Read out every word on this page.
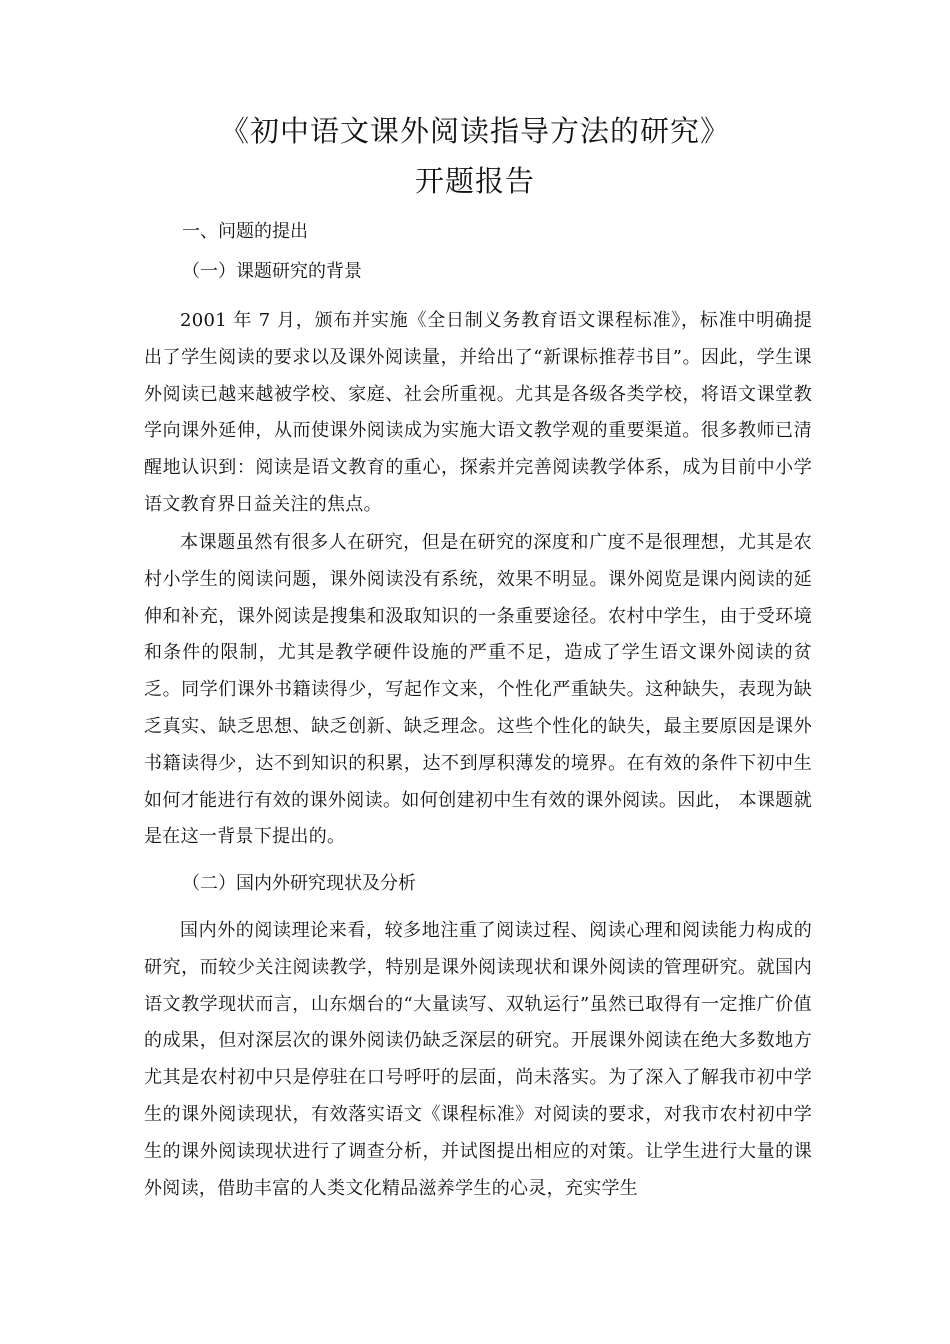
《初中语文课外阅读指导方法的研究》
开题报告
一、问题的提出
（一）课题研究的背景

2001 年 7 月，颁布并实施《全日制义务教育语文课程标准》，标准中明确提出了学生阅读的要求以及课外阅读量，并给出了“新课标推荐书目”。因此，学生课外阅读已越来越被学校、家庭、社会所重视。尤其是各级各类学校，将语文课堂教学向课外延伸，从而使课外阅读成为实施大语文教学观的重要渠道。很多教师已清醒地认识到：阅读是语文教育的重心，探索并完善阅读教学体系，成为目前中小学语文教育界日益关注的焦点。

本课题虽然有很多人在研究，但是在研究的深度和广度不是很理想，尤其是农村小学生的阅读问题，课外阅读没有系统，效果不明显。课外阅览是课内阅读的延伸和补充，课外阅读是搜集和汲取知识的一条重要途径。农村中学生，由于受环境和条件的限制，尤其是教学硬件设施的严重不足，造成了学生语文课外阅读的贫乏。同学们课外书籍读得少，写起作文来，个性化严重缺失。这种缺失，表现为缺乏真实、缺乏思想、缺乏创新、缺乏理念。这些个性化的缺失，最主要原因是课外书籍读得少，达不到知识的积累，达不到厚积薄发的境界。在有效的条件下初中生如何才能进行有效的课外阅读。如何创建初中生有效的课外阅读。因此， 本课题就是在这一背景下提出的。

（二）国内外研究现状及分析

国内外的阅读理论来看，较多地注重了阅读过程、阅读心理和阅读能力构成的研究，而较少关注阅读教学，特别是课外阅读现状和课外阅读的管理研究。就国内语文教学现状而言，山东烟台的“大量读写、双轨运行”虽然已取得有一定推广价值的成果，但对深层次的课外阅读仍缺乏深层的研究。开展课外阅读在绝大多数地方尤其是农村初中只是停驻在口号呼吁的层面，尚未落实。为了深入了解我市初中学生的课外阅读现状，有效落实语文《课程标准》对阅读的要求，对我市农村初中学生的课外阅读现状进行了调查分析，并试图提出相应的对策。让学生进行大量的课外阅读，借助丰富的人类文化精品滋养学生的心灵，充实学生
